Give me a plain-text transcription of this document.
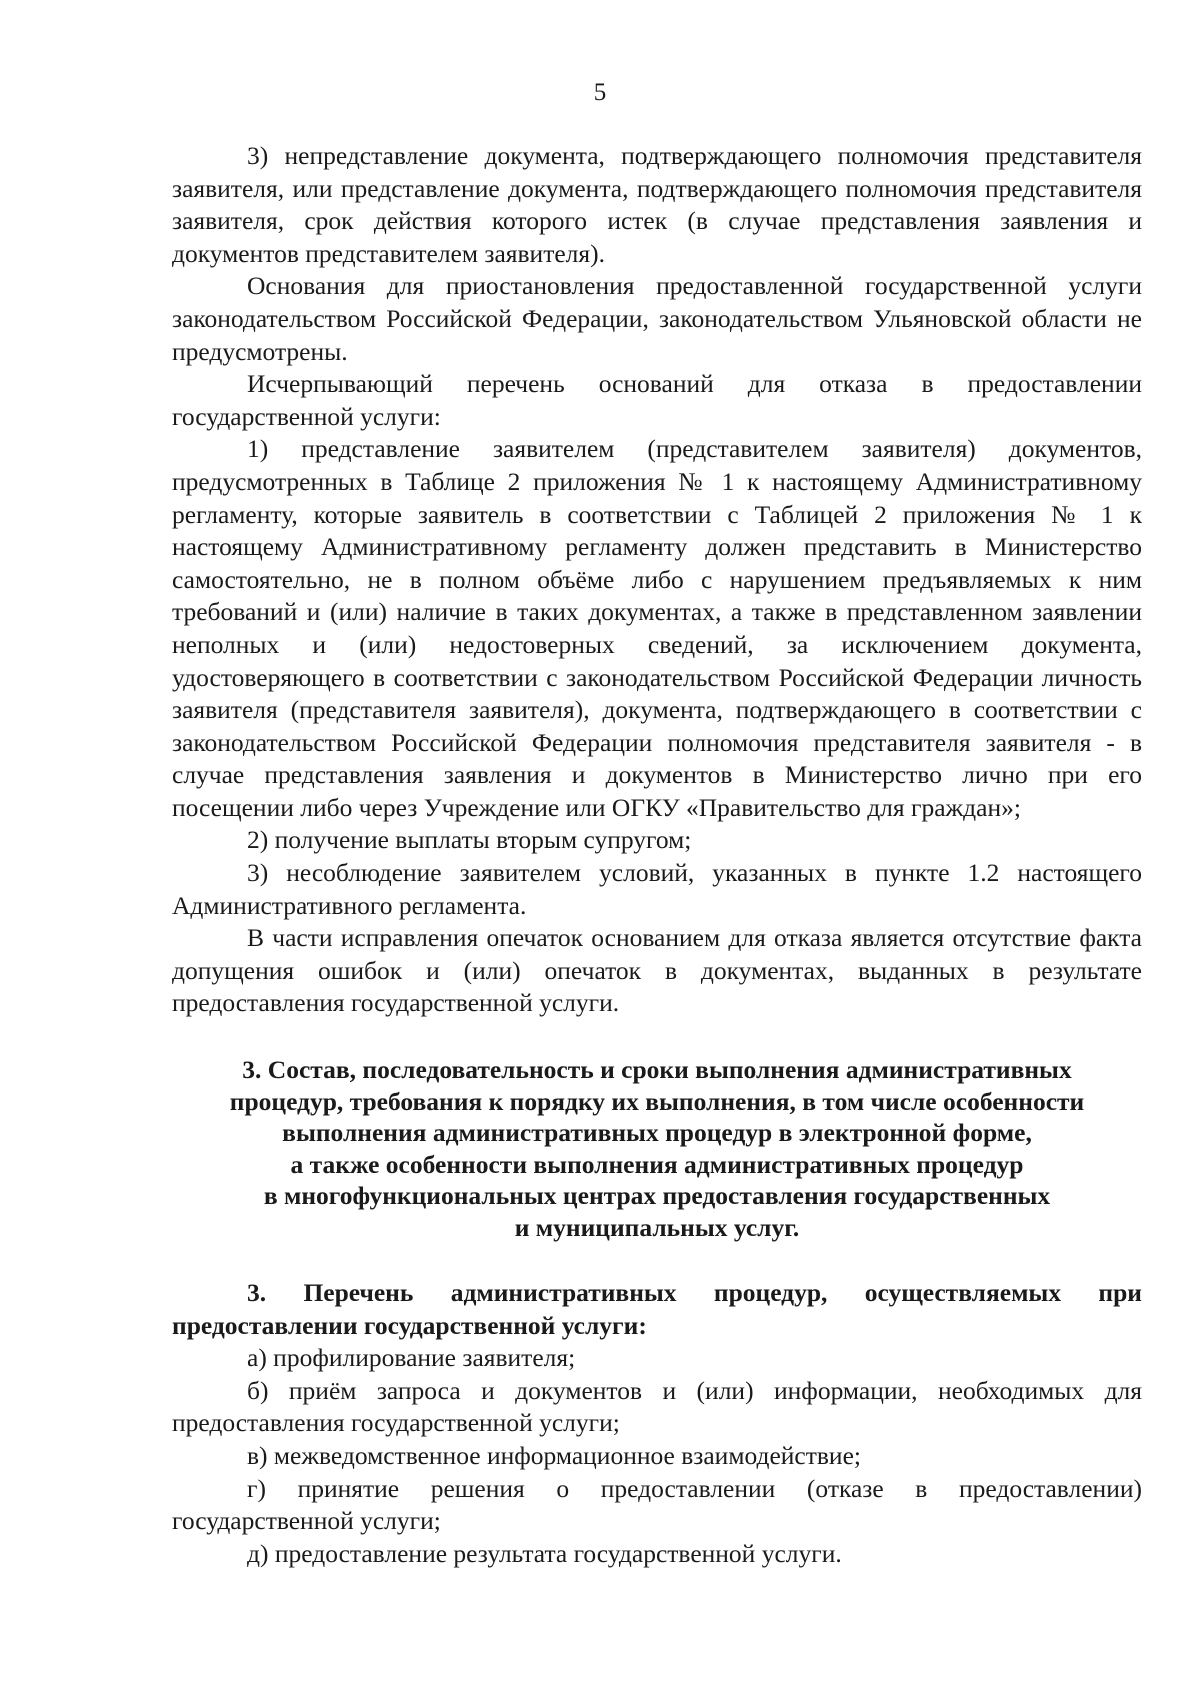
5

3) непредставление документа, подтверждающего полномочия представителя заявителя, или представление документа, подтверждающего полномочия представителя заявителя, срок действия которого истек (в случае представления заявления и документов представителем заявителя).

Основания для приостановления предоставленной государственной услуги законодательством Российской Федерации, законодательством Ульяновской области не предусмотрены.

Исчерпывающий перечень оснований для отказа в предоставлении государственной услуги:

1) представление заявителем (представителем заявителя) документов, предусмотренных в Таблице 2 приложения № 1 к настоящему Административному регламенту, которые заявитель в соответствии с Таблицей 2 приложения № 1 к настоящему Административному регламенту должен представить в Министерство самостоятельно, не в полном объёме либо с нарушением предъявляемых к ним требований и (или) наличие в таких документах, а также в представленном заявлении неполных и (или) недостоверных сведений, за исключением документа, удостоверяющего в соответствии с законодательством Российской Федерации личность заявителя (представителя заявителя), документа, подтверждающего в соответствии с законодательством Российской Федерации полномочия представителя заявителя - в случае представления заявления и документов в Министерство лично при его посещении либо через Учреждение или ОГКУ «Правительство для граждан»;

2) получение выплаты вторым супругом;

3) несоблюдение заявителем условий, указанных в пункте 1.2 настоящего Административного регламента.

В части исправления опечаток основанием для отказа является отсутствие факта допущения ошибок и (или) опечаток в документах, выданных в результате предоставления государственной услуги.

3. Состав, последовательность и сроки выполнения административных
процедур, требования к порядку их выполнения, в том числе особенности
выполнения административных процедур в электронной форме,
а также особенности выполнения административных процедур
в многофункциональных центрах предоставления государственных
и муниципальных услуг.

3. Перечень административных процедур, осуществляемых при предоставлении государственной услуги:

а) профилирование заявителя;

б) приём запроса и документов и (или) информации, необходимых для предоставления государственной услуги;

в) межведомственное информационное взаимодействие;

г) принятие решения о предоставлении (отказе в предоставлении) государственной услуги;

д) предоставление результата государственной услуги.
